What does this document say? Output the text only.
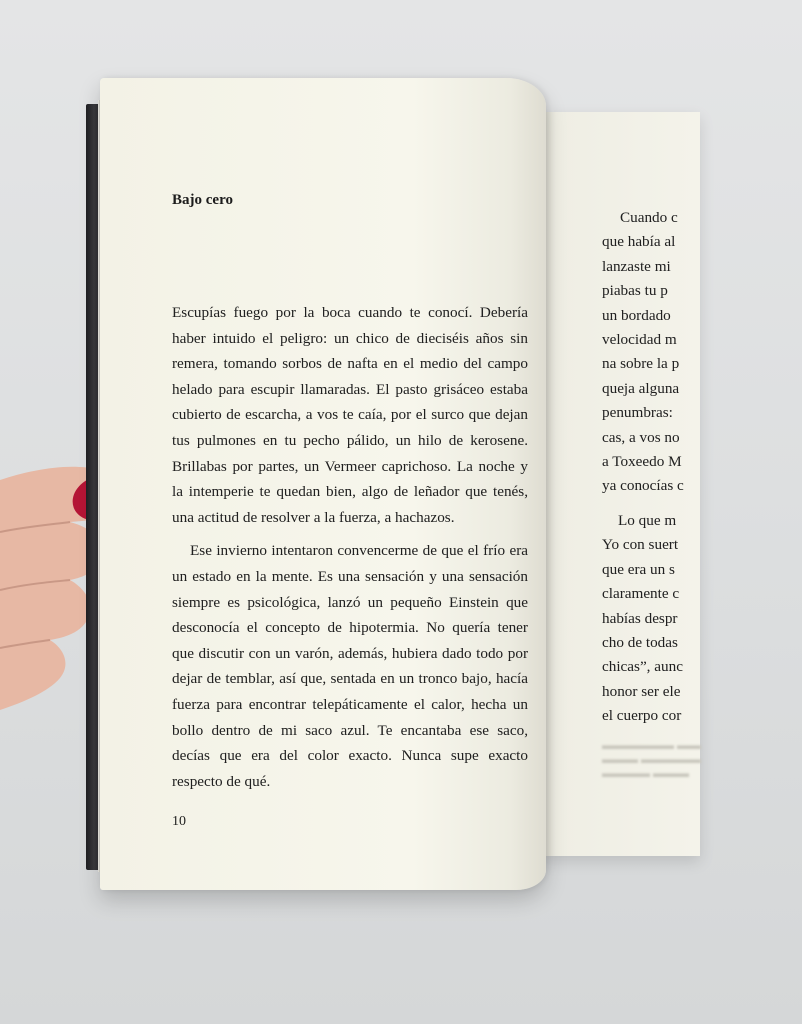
Cuando c
que había al
lanzaste mi
piabas tu p
un bordado
velocidad m
na sobre la p
queja alguna
penumbras:
cas, a vos no
a Toxeedo M
ya conocías c
Lo que m
Yo con suert
que era un s
claramente c
habías despr
cho de todas
chicas”, aunc
honor ser ele
el cuerpo cor
▬▬▬▬▬▬ ▬▬
▬▬▬ ▬▬▬▬▬
▬▬▬▬ ▬▬▬
Bajo cero

Escupías fuego por la boca cuando te conocí. Debería haber intuido el peligro: un chico de dieciséis años sin remera, tomando sorbos de nafta en el medio del campo helado para escupir llamaradas. El pasto grisáceo estaba cubierto de escarcha, a vos te caía, por el surco que dejan tus pulmones en tu pecho pálido, un hilo de kerosene. Brillabas por partes, un Vermeer caprichoso. La noche y la intemperie te quedan bien, algo de leñador que tenés, una actitud de resolver a la fuerza, a hachazos.

Ese invierno intentaron convencerme de que el frío era un estado en la mente. Es una sensación y una sensación siempre es psicológica, lanzó un pequeño Einstein que desconocía el concepto de hipotermia. No quería tener que discutir con un varón, además, hubiera dado todo por dejar de temblar, así que, sentada en un tronco bajo, hacía fuerza para encontrar telepáticamente el calor, hecha un bollo dentro de mi saco azul. Te encantaba ese saco, decías que era del color exacto. Nunca supe exacto respecto de qué.

10
